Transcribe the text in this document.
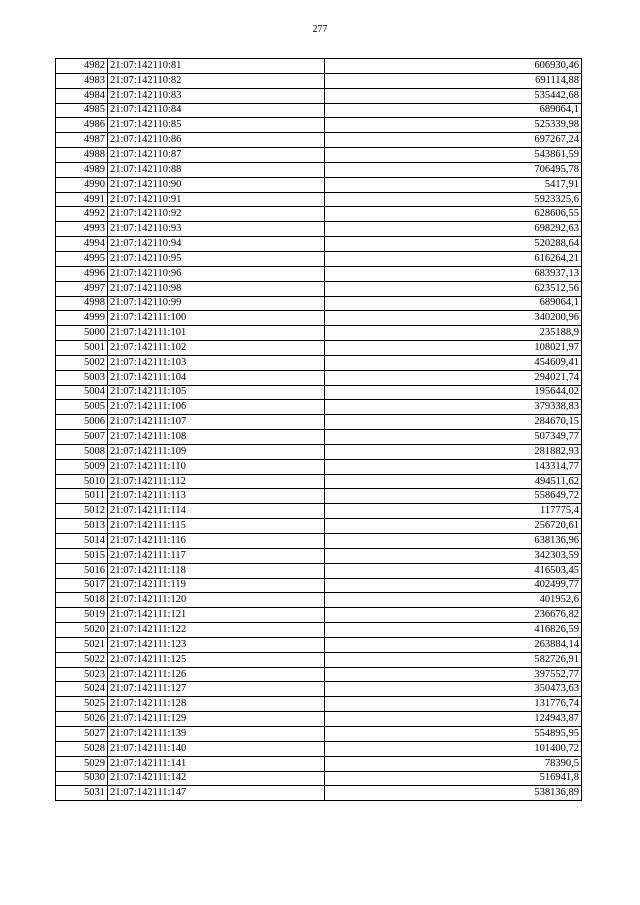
277
4982	21:07:142110:81	606930,46
4983	21:07:142110:82	691114,88
4984	21:07:142110:83	535442,68
4985	21:07:142110:84	689064,1
4986	21:07:142110:85	525339,98
4987	21:07:142110:86	697267,24
4988	21:07:142110:87	543861,59
4989	21:07:142110:88	706495,78
4990	21:07:142110:90	5417,91
4991	21:07:142110:91	5923325,6
4992	21:07:142110:92	628606,55
4993	21:07:142110:93	698292,63
4994	21:07:142110:94	520288,64
4995	21:07:142110:95	616264,21
4996	21:07:142110:96	683937,13
4997	21:07:142110:98	623512,56
4998	21:07:142110:99	689064,1
4999	21:07:142111:100	340200,96
5000	21:07:142111:101	235188,9
5001	21:07:142111:102	108021,97
5002	21:07:142111:103	454609,41
5003	21:07:142111:104	294021,74
5004	21:07:142111:105	195644,02
5005	21:07:142111:106	379338,83
5006	21:07:142111:107	284670,15
5007	21:07:142111:108	507349,77
5008	21:07:142111:109	281882,93
5009	21:07:142111:110	143314,77
5010	21:07:142111:112	494511,62
5011	21:07:142111:113	558649,72
5012	21:07:142111:114	117775,4
5013	21:07:142111:115	256720,61
5014	21:07:142111:116	638136,96
5015	21:07:142111:117	342303,59
5016	21:07:142111:118	416503,45
5017	21:07:142111:119	402499,77
5018	21:07:142111:120	401952,6
5019	21:07:142111:121	236676,82
5020	21:07:142111:122	416826,59
5021	21:07:142111:123	263884,14
5022	21:07:142111:125	582726,91
5023	21:07:142111:126	397552,77
5024	21:07:142111:127	350473,63
5025	21:07:142111:128	131776,74
5026	21:07:142111:129	124943,87
5027	21:07:142111:139	554895,95
5028	21:07:142111:140	101400,72
5029	21:07:142111:141	78390,5
5030	21:07:142111:142	516941,8
5031	21:07:142111:147	538136,89
